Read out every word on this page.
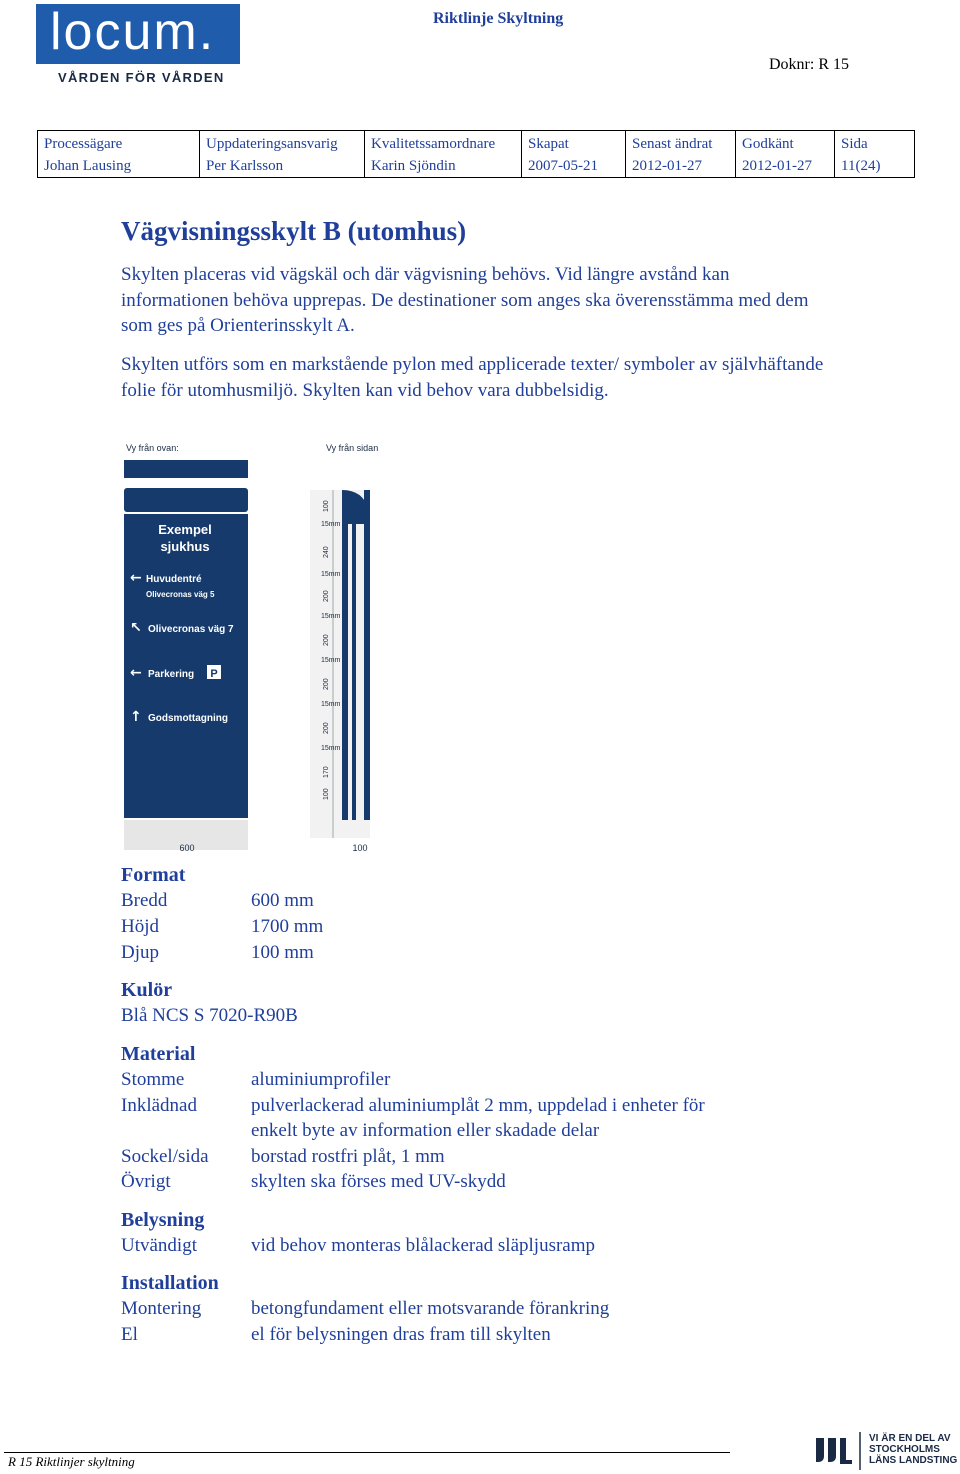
locum.
VÅRDEN FÖR VÅRDEN
Riktlinje Skyltning
Doknr: R 15
Processägare
Johan Lausing

Uppdateringsansvarig
Per Karlsson

Kvalitetssamordnare
Karin Sjöndin

Skapat
2007-05-21

Senast ändrat
2012-01-27

Godkänt
2012-01-27

Sida
11(24)
Vägvisningsskylt B (utomhus)
Skylten placeras vid vägskäl och där vägvisning behövs. Vid längre avstånd kan informationen behöva upprepas. De destinationer som anges ska överensstämma med dem som ges på Orienterinsskylt A.
Skylten utförs som en markstående pylon med applicerade texter/ symboler av självhäftande folie för utomhusmiljö. Skylten kan vid behov vara dubbelsidig.
Vy från ovan:	Vy från sidan
Exempel
sjukhus
← Huvudentré
Olivecronas väg 5
↖ Olivecronas väg 7
← Parkering P
↑ Godsmottagning
600
100
15mm
240
15mm
200
15mm
200
15mm
200
15mm
200
15mm
170
100
100
Format
Bredd	600 mm
Höjd	1700 mm
Djup	100 mm
Kulör
Blå NCS S 7020-R90B
Material
Stomme	aluminiumprofiler
Inklädnad	pulverlackerad aluminiumplåt 2 mm, uppdelad i enheter för
enkelt byte av information eller skadade delar
Sockel/sida borstad rostfri plåt, 1 mm
Övrigt	skylten ska förses med UV-skydd
Belysning
Utvändigt	vid behov monteras blålackerad släpljusramp
Installation
Montering	betongfundament eller motsvarande förankring
El	el för belysningen dras fram till skylten
R 15 Riktlinjer skyltning
VI ÄR EN DEL AV
STOCKHOLMS
LÄNS LANDSTING
